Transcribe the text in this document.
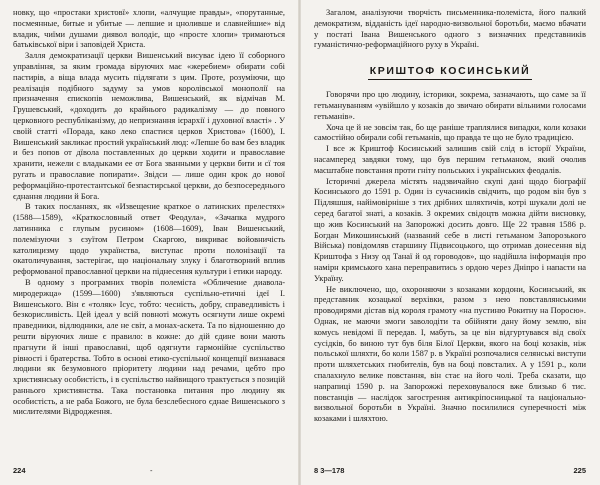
новку, що «простаки христовї» хлопи, «алчущие правды», «порутанные, посмеянные, битые и убитые — лепшие и цноливше и славнейшие» від владик, чиїми душами диявол володіє, що «просте хлопи» тримаються батьківської віри і заповідей Христа.

Залля демократизації церкви Вишенський висуває ідею її соборного управління, за яким громада віруючих має «жеребием» обирати собі пастирів, а віща влада мусить підлягати з цим. Проте, розуміючи, що реалізація подібного задуму за умов королівської монополії на призначення єпископів неможлива, Вишенський, як відмічав М. Грушевський, «доходить до крайнього радикалізму — до повного церковного республіканізму, до непризнання ієрархії і духовної власті» . У своїй статті «Порада, како леко спастися церков Христова» (1600), І. Вишенський закликає простий український люд: «Лепше бо вам без владик и без попов от дївола поставленных до церкви ходити и православие хранити, нежели с владыками ее от Бога званными у церкви бити и сї тоя ругать и православие попирати». Звідси — лише один крок до нової реформаційно-протестантської безпастирської церкви, до безпосереднього єднання людини й Бога.

В таких посланнях, як «Извещение краткое о латинских прелестях» (1588—1589), «Краткословный ответ Феодула», «Зачапка мудрого латинника с глупым русином» (1608—1609), Іван Вишенський, полемізуючи з єзуїтом Петром Скаргою, викриває войовничість католицизму щодо українства, виступає проти полонізації та окатоличування, застерігає, що національну злуку і благотворний вплив реформованої православної церкви на піднесення культури і етики народу.

В одному з програмних творів полеміста «Обличение диавола-миродержца» (1599—1600) з'являються суспільно-етичні ідеї І. Вишенського. Він є «толяк» Ісус, тобто: чесність, добру, справедливість і безкорисливість. Цей ідеал у всій повноті можуть осягнути лише окремі праведники, відлюдники, але не світ, а монах-аскета. Та по відношенню до решти віруючих лише є правило: в кожне: до дій єдине вони мають прагнути й інші православні, щоб одягнути гармонійне суспільство рівності і братерства. Тобто в основі етико-суспільної концепції визнавася людини як безумовного пріоритету людини над речами, цебто про християнську особистість, і в суспільство найвищого трактується з позицій раннього християнства. Така постановка питання про людину як особистість, а не раба Божого, не була безслебесного єднае Вишенського з мислителями Відродження.

224	-

Загалом, аналізуючи творчість письменника-полеміста, його палкий демократизм, відданість ідеї народно-визвольної боротьби, маємо вбачати у постаті Івана Вишенського одного з визначних представників гуманістично-реформаційного руху в Україні.

КРИШТОФ КОСИНСЬКИЙ

Говорячи про цю людину, історики, зокрема, зазначають, що саме за її гетьмануванням «увійшло у козаків до звичаю обирати вільними голосами гетьманів».

Хоча це й не зовсім так, бо ще раніше траплялися випадки, коли козаки самостійно обирали собі гетьманів, що правда те що не було традицією.

І все ж Криштоф Косинський залишив свій слід в історії України, насамперед завдяки тому, що був першим гетьманом, який очолив масштабне повстання проти гніту польських і українських феодалів.

Історичні джерела містять надзвичайно скупі дані щодо біографії Косинського до 1591 р. Один із сучасників свідчить, що родом він був з Підляшшя, найімовірніше з тих дрібних шляхтичів, котрі шукали долі не серед багатої знаті, а козаків. З окремих свідоцтв можна дійти висновку, що жив Косинський на Запорожжі досить довго. Ще 22 травня 1586 р. Богдан Микошинський (названий себе в листі гетьманом Запорозького Війська) повідомляв старшину Підвисоцького, що отримав донесення від Криштофа з Низу од Танаї й од гороводов», що надійшла інформація про намірн кримського хана переправитись з ордою через Дніпро і напасти на Україну.

Не виключено, що, охороняючи з козаками кордони, Косинський, як представник козацької верхівки, разом з нею повставлянськими проводирями дістав від короля грамоту «на пустиню Рокитну на Поросю». Однак, не маючи змоги заволодіти та обійняти дану йому землю, він комусь невідомі її передав. І, мабуть, за це він відгуртувався від своїх сусідків, бо виною тут був біля Білої Церкви, якого на боці козаків, ніж польської шляхти, бо коли 1587 р. в Україні розпочалися селянські виступи проти шляхетських гнобителів, був на боці повсталих. А у 1591 р., коли спалахнуло велике повстання, він стає на його чолі. Треба сказати, що напрапиці 1590 р. на Запорожжі переховувалося вже близько 6 тис. повстанців — наслідок загострення антикріпосницької та національно-визвольної боротьби в Україні. Значно посилилися суперечності між козаками і шляхтою.

8 3—178	225
